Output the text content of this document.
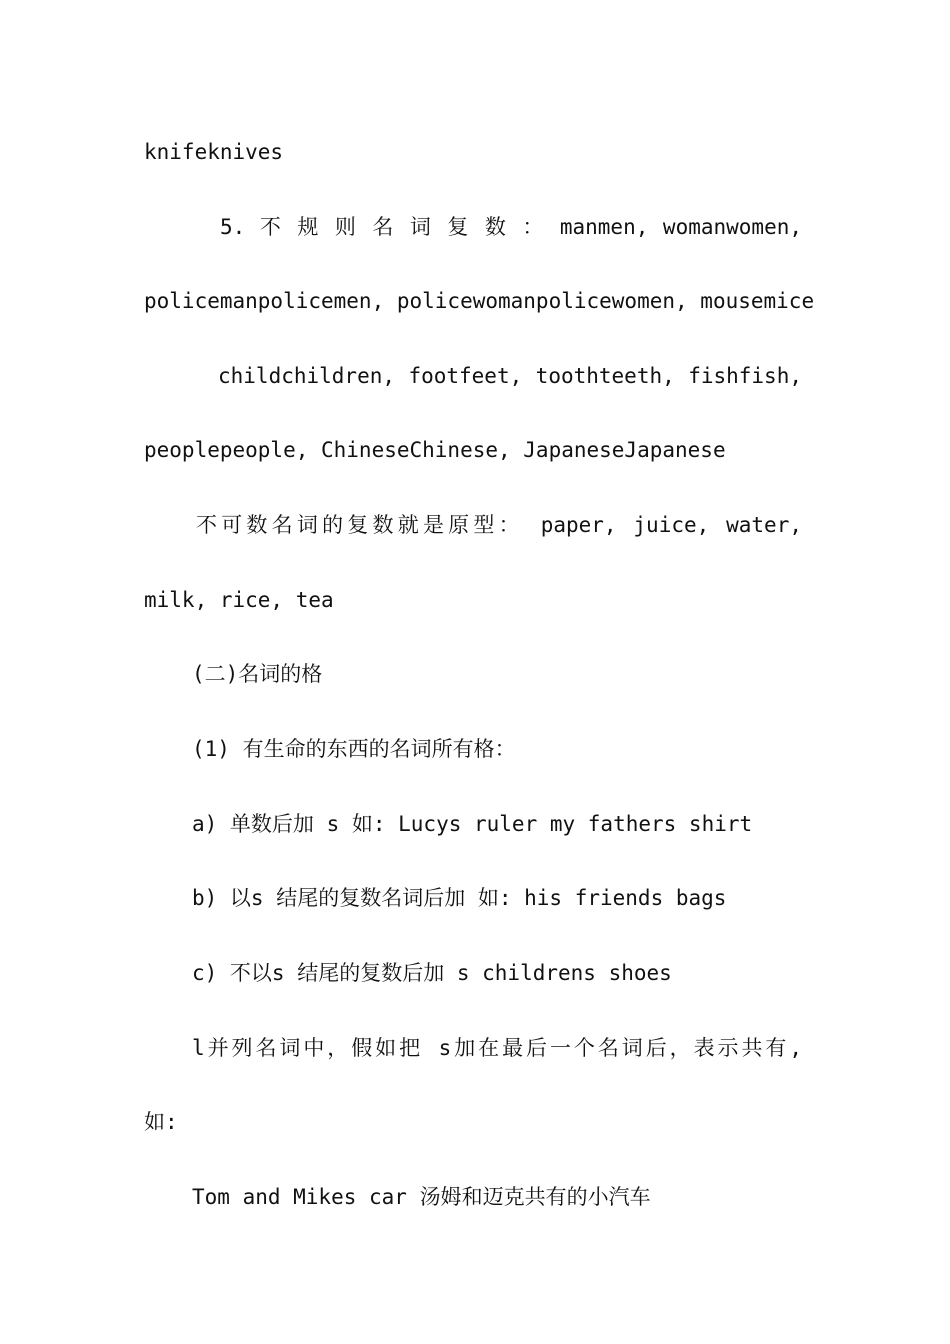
knifeknives
5. 不 规 则 名 词 复 数 ： manmen, womanwomen,
policemanpolicemen, policewomanpolicewomen, mousemice
childchildren, footfeet, toothteeth, fishfish,
peoplepeople, ChineseChinese, JapaneseJapanese
不可数名词的复数就是原型： paper, juice, water,
milk, rice, tea
(二)名词的格
(1) 有生命的东西的名词所有格：
a) 单数后加 s 如: Lucys ruler my fathers shirt
b) 以s 结尾的复数名词后加 如: his friends bags
c) 不以s 结尾的复数后加 s childrens shoes
l并列名词中，假如把 s加在最后一个名词后，表示共有,
如:
Tom and Mikes car 汤姆和迈克共有的小汽车
